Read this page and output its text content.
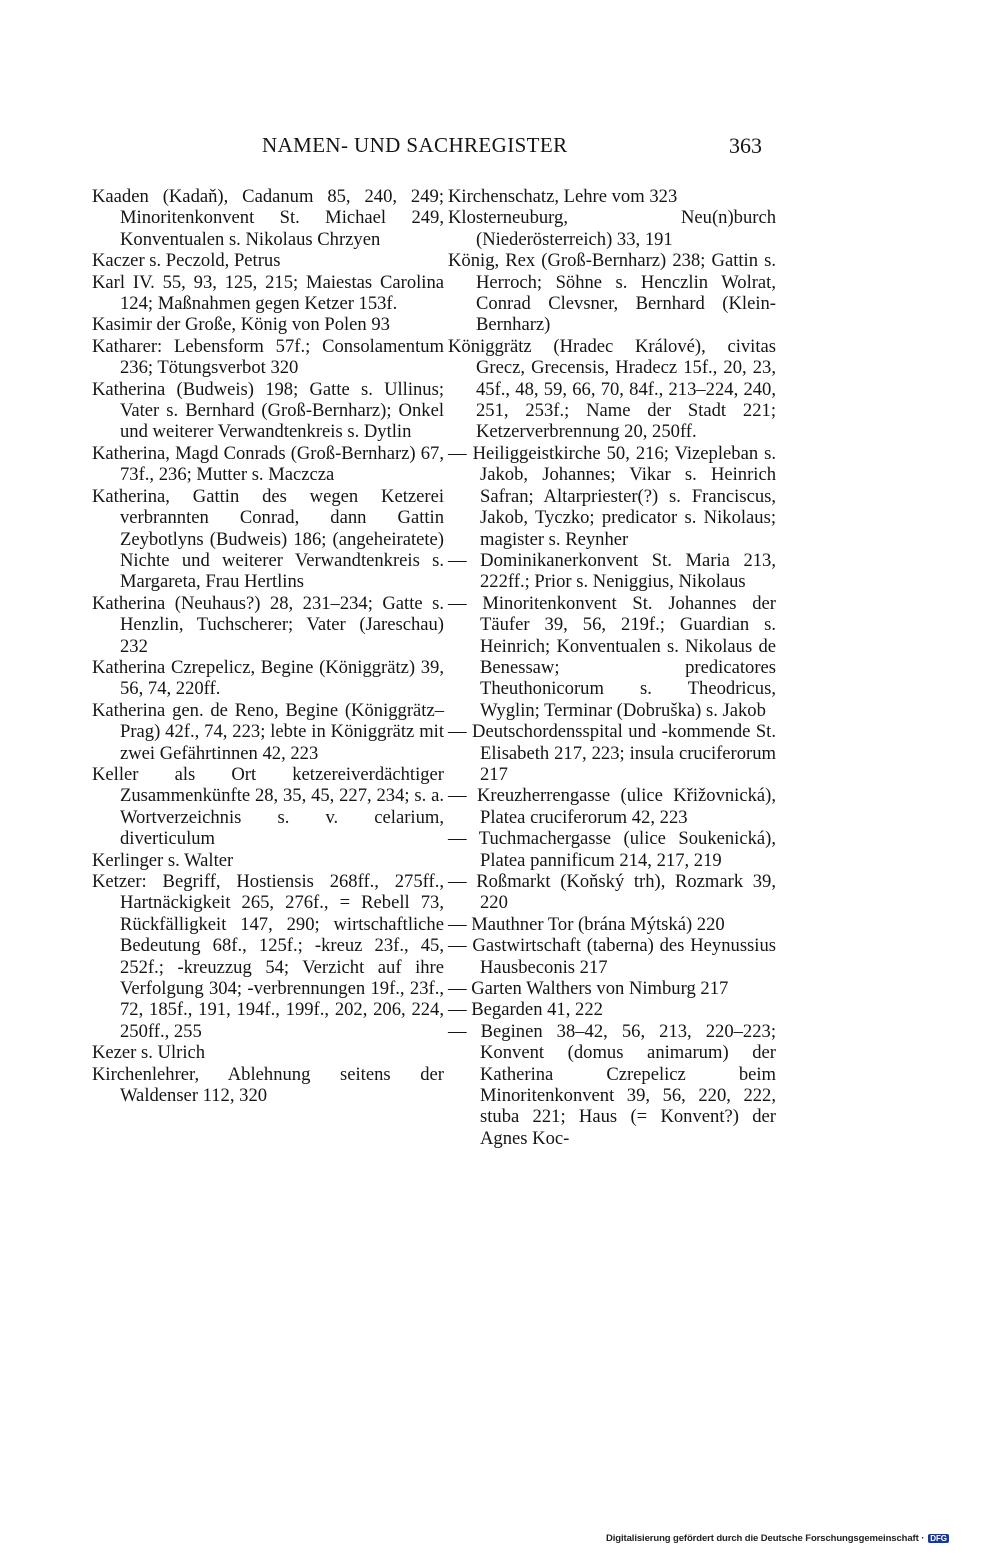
NAMEN- UND SACHREGISTER	363

Kaaden (Kadaň), Cadanum 85, 240, 249; Minoritenkonvent St. Michael 249, Konventualen s. Nikolaus Chrzyen

Kaczer s. Peczold, Petrus

Karl IV. 55, 93, 125, 215; Maiestas Carolina 124; Maßnahmen gegen Ketzer 153f.

Kasimir der Große, König von Polen 93

Katharer: Lebensform 57f.; Consolamentum 236; Tötungsverbot 320

Katherina (Budweis) 198; Gatte s. Ullinus; Vater s. Bernhard (Groß-Bernharz); Onkel und weiterer Verwandtenkreis s. Dytlin

Katherina, Magd Conrads (Groß-Bernharz) 67, 73f., 236; Mutter s. Maczcza

Katherina, Gattin des wegen Ketzerei verbrannten Conrad, dann Gattin Zeybotlyns (Budweis) 186; (angeheiratete) Nichte und weiterer Verwandtenkreis s. Margareta, Frau Hertlins

Katherina (Neuhaus?) 28, 231–234; Gatte s. Henzlin, Tuchscherer; Vater (Jareschau) 232

Katherina Czrepelicz, Begine (Königgrätz) 39, 56, 74, 220ff.

Katherina gen. de Reno, Begine (Königgrätz–Prag) 42f., 74, 223; lebte in Königgrätz mit zwei Gefährtinnen 42, 223

Keller als Ort ketzereiverdächtiger Zusammenkünfte 28, 35, 45, 227, 234; s. a. Wortverzeichnis s. v. celarium, diverticulum

Kerlinger s. Walter

Ketzer: Begriff, Hostiensis 268ff., 275ff., Hartnäckigkeit 265, 276f., = Rebell 73, Rückfälligkeit 147, 290; wirtschaftliche Bedeutung 68f., 125f.; -kreuz 23f., 45, 252f.; -kreuzzug 54; Verzicht auf ihre Verfolgung 304; -verbrennungen 19f., 23f., 72, 185f., 191, 194f., 199f., 202, 206, 224, 250ff., 255

Kezer s. Ulrich

Kirchenlehrer, Ablehnung seitens der Waldenser 112, 320

Kirchenschatz, Lehre vom 323

Klosterneuburg, Neu(n)burch (Niederösterreich) 33, 191

König, Rex (Groß-Bernharz) 238; Gattin s. Herroch; Söhne s. Henczlin Wolrat, Conrad Clevsner, Bernhard (Klein-Bernharz)

Königgrätz (Hradec Králové), civitas Grecz, Grecensis, Hradecz 15f., 20, 23, 45f., 48, 59, 66, 70, 84f., 213–224, 240, 251, 253f.; Name der Stadt 221; Ketzerverbrennung 20, 250ff.

— Heiliggeistkirche 50, 216; Vizepleban s. Jakob, Johannes; Vikar s. Heinrich Safran; Altarpriester(?) s. Franciscus, Jakob, Tyczko; predicator s. Nikolaus; magister s. Reynher

— Dominikanerkonvent St. Maria 213, 222ff.; Prior s. Neniggius, Nikolaus

— Minoritenkonvent St. Johannes der Täufer 39, 56, 219f.; Guardian s. Heinrich; Konventualen s. Nikolaus de Benessaw; predicatores Theuthonicorum s. Theodricus, Wyglin; Terminar (Dobruška) s. Jakob

— Deutschordensspital und -kommende St. Elisabeth 217, 223; insula cruciferorum 217

— Kreuzherrengasse (ulice Křižovnická), Platea cruciferorum 42, 223

— Tuchmachergasse (ulice Soukenická), Platea pannificum 214, 217, 219

— Roßmarkt (Koňský trh), Rozmark 39, 220

— Mauthner Tor (brána Mýtská) 220

— Gastwirtschaft (taberna) des Heynussius Hausbeconis 217

— Garten Walthers von Nimburg 217

— Begarden 41, 222

— Beginen 38–42, 56, 213, 220–223; Konvent (domus animarum) der Katherina Czrepelicz beim Minoritenkonvent 39, 56, 220, 222, stuba 221; Haus (= Konvent?) der Agnes Koc-

Digitalisierung gefördert durch die Deutsche Forschungsgemeinschaft · DFG
